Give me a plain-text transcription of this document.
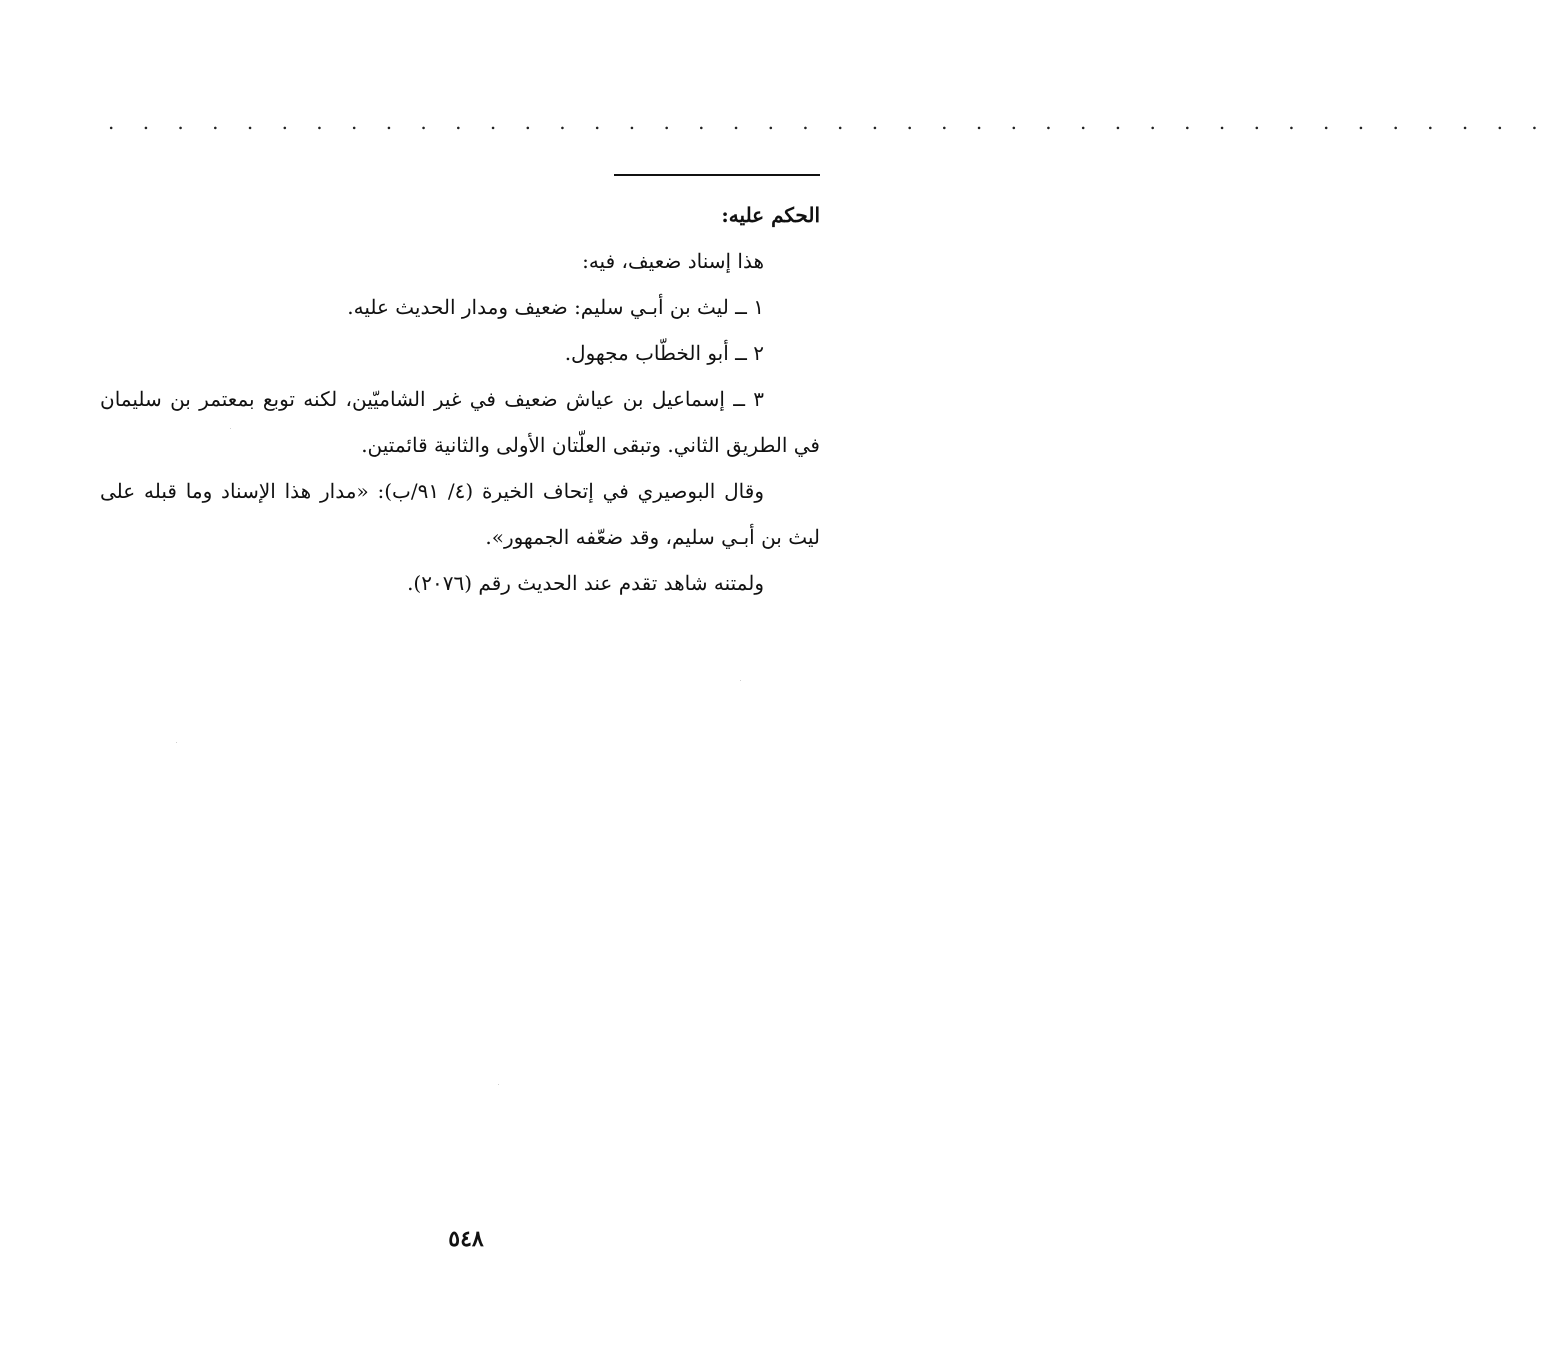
. . . . . . . . . . . . . . . . . . . . . . . . . . . . . . . . . . . . . . . . . .

الحكم عليه:

هذا إسناد ضعيف، فيه:

١ ــ ليث بن أبـي سليم: ضعيف ومدار الحديث عليه.

٢ ــ أبو الخطّاب مجهول.

٣ ــ إسماعيل بن عياش ضعيف في غير الشاميّين، لكنه توبع بمعتمر بن سليمان في الطريق الثاني. وتبقى العلّتان الأولى والثانية قائمتين.

وقال البوصيري في إتحاف الخيرة (٤/ ٩١/ب): «مدار هذا الإسناد وما قبله على ليث بن أبـي سليم، وقد ضعّفه الجمهور».

ولمتنه شاهد تقدم عند الحديث رقم (٢٠٧٦).

٥٤٨
